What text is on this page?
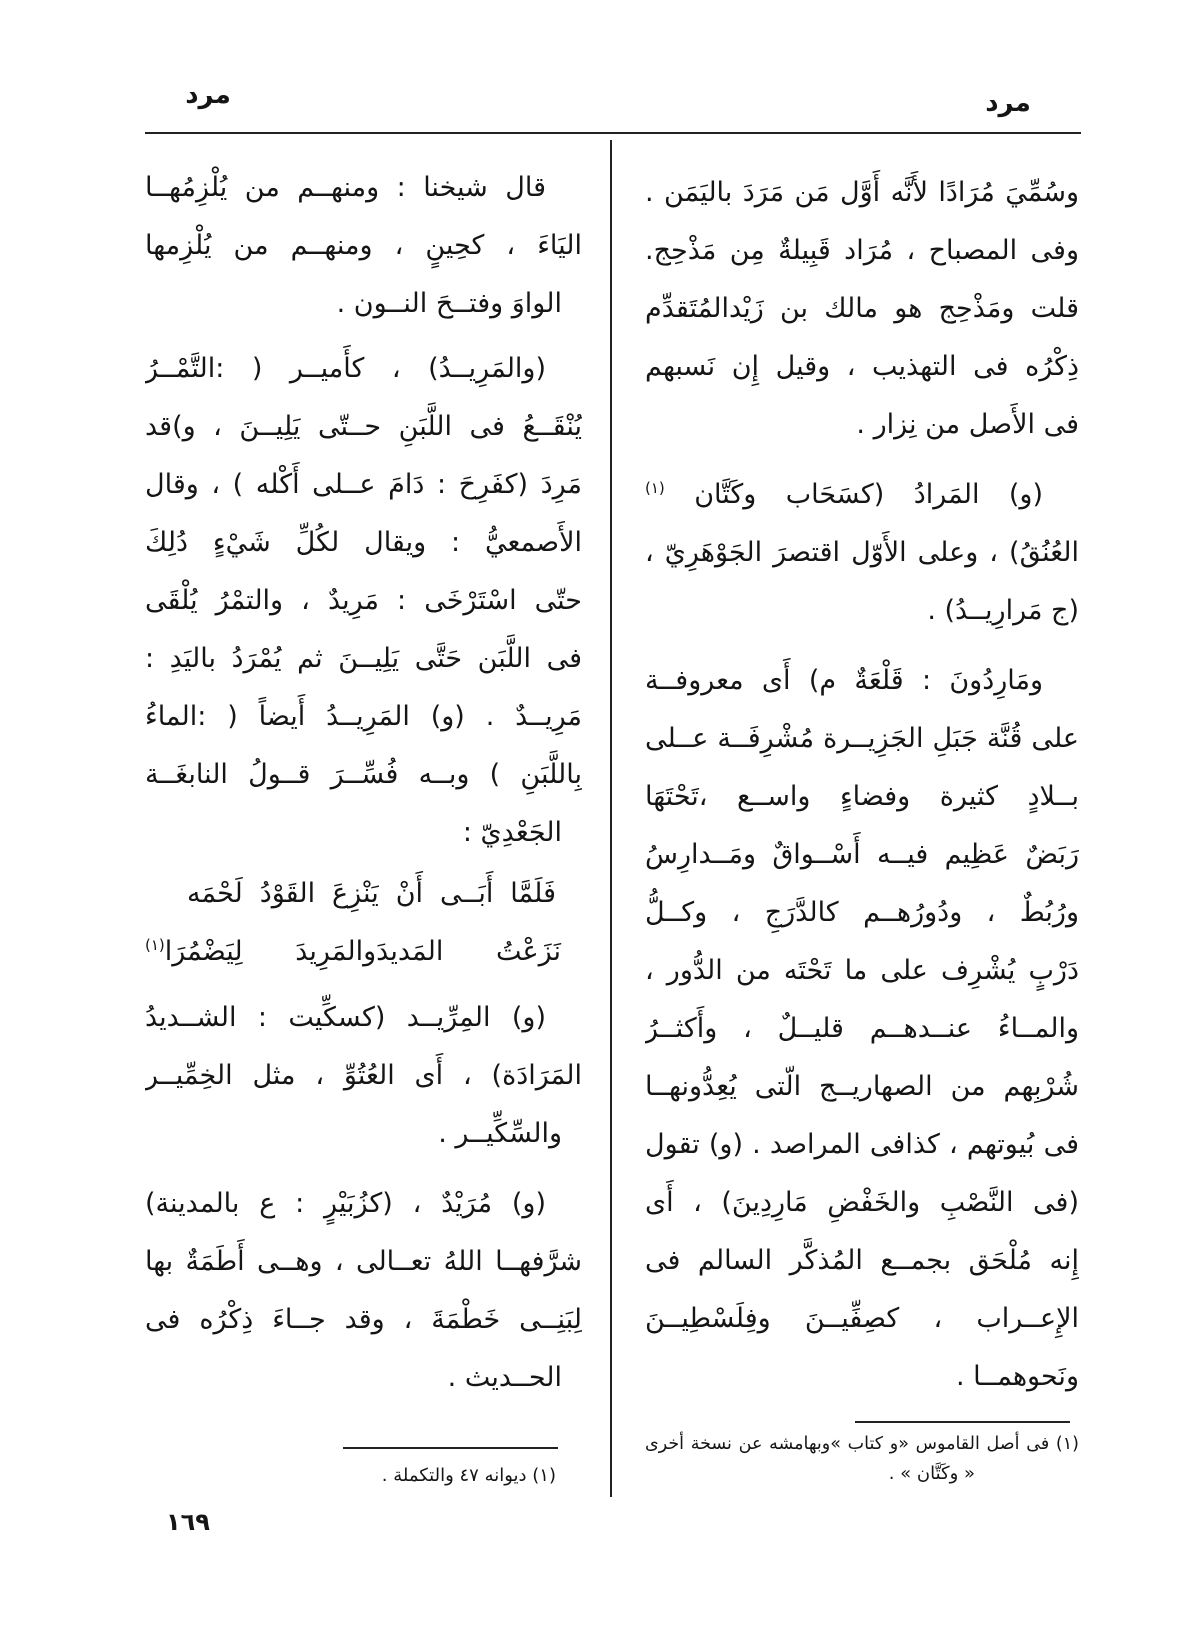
مرد	مرد
وسُمِّيَ مُرَادًا لأَنَّه أَوَّل مَن مَرَدَ باليَمَن .
وفى المصباح ، مُرَاد قَبِيلةٌ مِن مَذْحِج.
قلت ومَذْحِج هو مالك بن زَيْدالمُتَقدِّم
ذِكْرُه فى التهذيب ، وقيل إِن نَسبهم
فى الأَصل من نِزار .
(و) المَرادُ (كسَحَاب وكَتَّان $^{(١)}$
العُنُقُ) ، وعلى الأَوّل اقتصرَ الجَوْهَرِيّ ،
(ج مَرارِيــدُ) .
ومَارِدُونَ : قَلْعَةٌ م) أَى معروفــة
على قُنَّة جَبَلِ الجَزِيــرة مُشْرِفَــة عــلى
بــلادٍ كثيرة وفضاءٍ واســع ،تَحْتَهَا
رَبَضٌ عَظِيم فيــه أَسْــواقٌ ومَــدارِسُ
ورُبُطٌ ، ودُورُهــم كالدَّرَجِ ، وكــلُّ
دَرْبٍ يُشْرِف على ما تَحْتَه من الدُّور ،
والمــاءُ عنــدهــم قليــلٌ ، وأَكثــرُ
شُرْبِهم من الصهاريــج الّتى يُعِدُّونهــا
فى بُيوتهم ، كذافى المراصد . (و) تقول
(فى النَّصْبِ والخَفْضِ مَارِدِينَ) ، أَى
إِنه مُلْحَق بجمــع المُذكَّر السالم فى
الإِعــراب ، كصِفِّيــنَ وفِلَسْطِيــنَ
ونَحوهمــا .
(١) فى أصل القاموس «و كتاب »وبهامشه عن نسخة أخرى
« وكَتَّان » .
قال شيخنا : ومنهــم من يُلْزِمُهــا
اليَاءَ ، كحِينٍ ، ومنهــم من يُلْزِمها
الواوَ وفتــحَ النــون .
(والمَرِيــدُ) ، كأَميــر ( :التَّمْــرُ
يُنْقَــعُ فى اللَّبَنِ حــتّى يَلِيــنَ ، و)قد
مَرِدَ (كفَرِحَ : دَامَ عــلى أَكْله ) ، وقال
الأَصمعيُّ : ويقال لكُلِّ شَيْءٍ دُلِكَ
حتّى اسْتَرْخَى : مَرِيدٌ ، والتمْرُ يُلْقَى
فى اللَّبَن حَتَّى يَلِيــنَ ثم يُمْرَدُ باليَدِ :
مَرِيــدٌ . (و) المَرِيــدُ أَيضاً ( :الماءُ
بِاللَّبَنِ ) وبــه فُسِّــرَ قــولُ النابغَــة
الجَعْدِيّ :
فَلَمَّا أَبَــى أَنْ يَنْزِعَ القَوْدُ لَحْمَه
نَزَعْتُ المَديدَوالمَرِيدَ لِيَضْمُرَا$^{(١)}$
(و) المِرِّيــد (كسكِّيت : الشــديدُ
المَرَادَة) ، أَى العُتُوِّ ، مثل الخِمِّيــر
والسِّكِّيــر .
(و) مُرَيْدٌ ، (كزُبَيْرٍ : ع بالمدينة)
شرَّفهــا اللهُ تعــالى ، وهــى أَطَمَةٌ بها
لِبَنِــى خَطْمَةَ ، وقد جــاءَ ذِكْرُه فى
الحــديث .
(١) ديوانه ٤٧ والتكملة .
١٦٩
